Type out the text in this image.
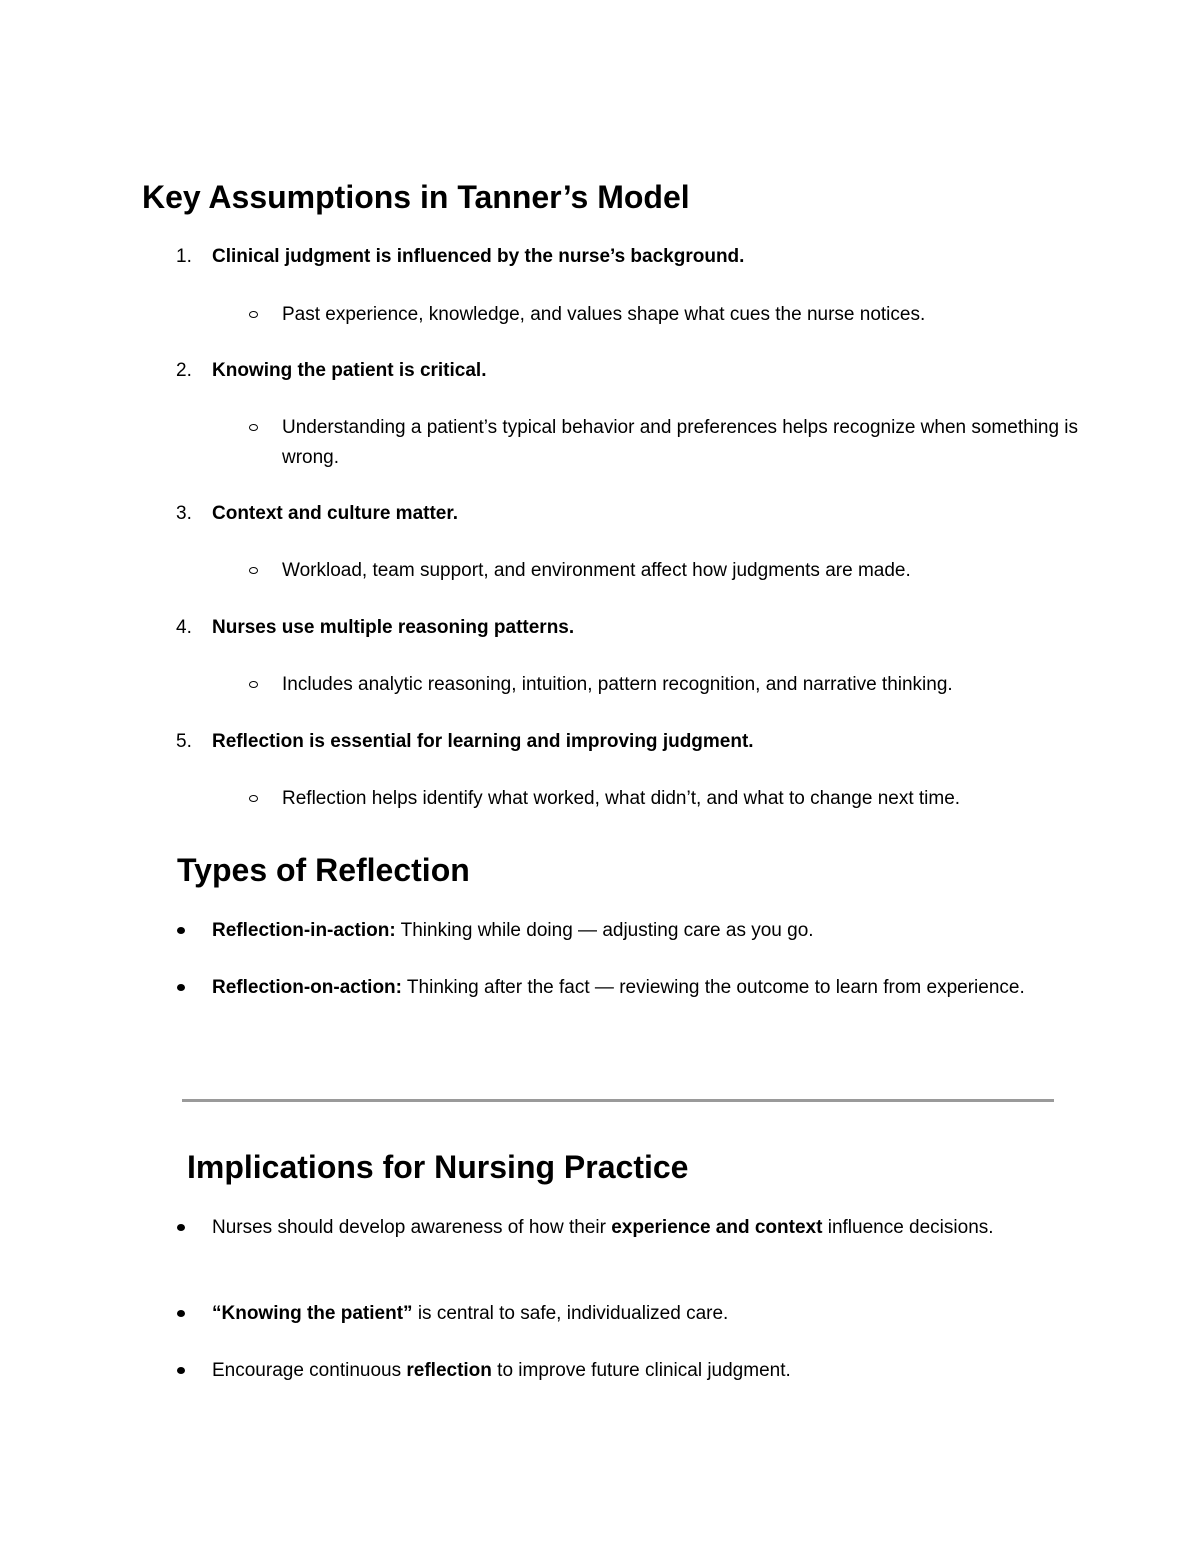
Key Assumptions in Tanner’s Model
1. Clinical judgment is influenced by the nurse’s background.
Past experience, knowledge, and values shape what cues the nurse notices.
2. Knowing the patient is critical.
Understanding a patient’s typical behavior and preferences helps recognize when something is wrong.
3. Context and culture matter.
Workload, team support, and environment affect how judgments are made.
4. Nurses use multiple reasoning patterns.
Includes analytic reasoning, intuition, pattern recognition, and narrative thinking.
5. Reflection is essential for learning and improving judgment.
Reflection helps identify what worked, what didn’t, and what to change next time.
Types of Reflection
Reflection-in-action: Thinking while doing — adjusting care as you go.
Reflection-on-action: Thinking after the fact — reviewing the outcome to learn from experience.
Implications for Nursing Practice
Nurses should develop awareness of how their experience and context influence decisions.
“Knowing the patient” is central to safe, individualized care.
Encourage continuous reflection to improve future clinical judgment.
